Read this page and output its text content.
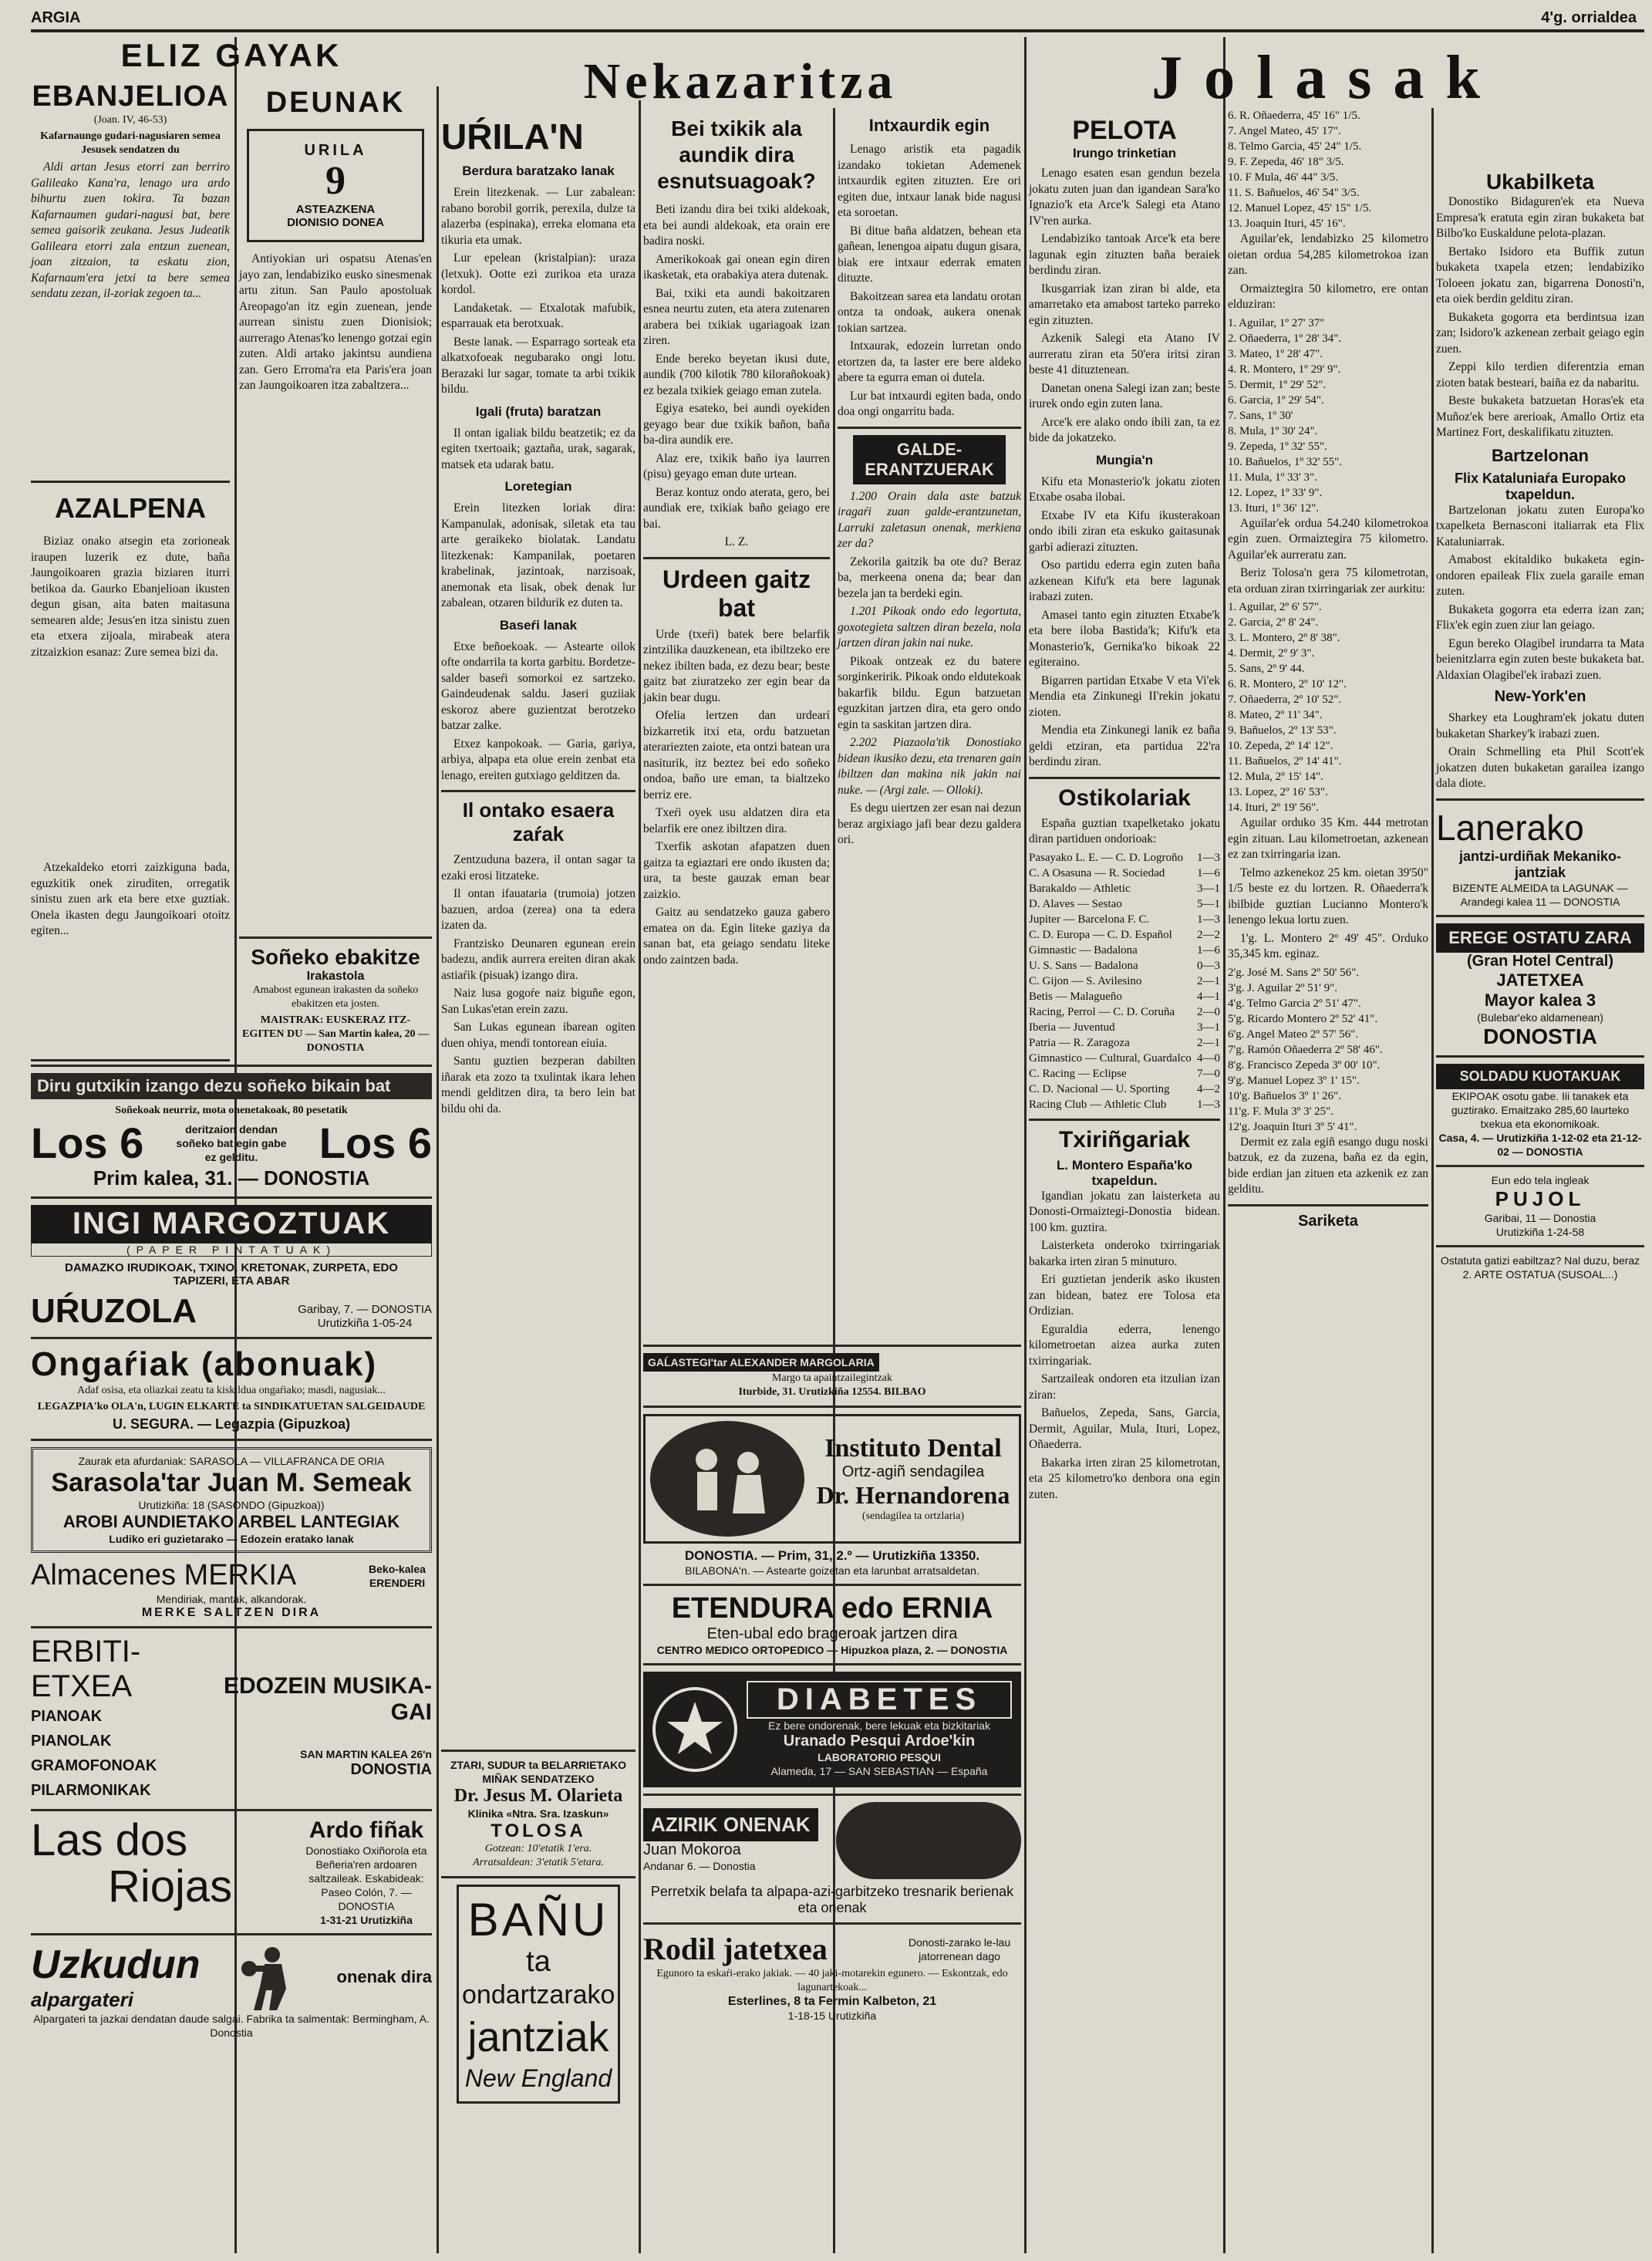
ARGIA	4'g. orrialdea
ELIZ GAYAK
EBANJELIOA
(Joan. IV, 46-53)
Kafarnaungo gudari-nagusiaren semea Jesusek sendatzen du
Aldi artan Jesus etorri zan berriro Galileako Kana'ra, lenago ura ardo bihurtu zuen tokira. Ta bazan Kafarnaumen gudari-nagusi bat, bere semea gaisorik zeukana. Jesus Judeatik Galileara etorri zala entzun zuenean, joan zitzaion, ta eskatu zion, Kafarnaum'era jetxi ta bere semea sendatu zezan, il-zoriak zegoen ta...
AZALPENA
Biziaz onako atsegin eta zorioneak iraupen luzerik ez dute, baña Jaungoikoaren grazia biziaren iturri betikoa da. Gaurko Ebanjelioan ikusten degun gisan, aita baten maitasuna semearen alde; Jesus'en itza sinistu zuen eta etxera zijoala, mirabeak atera zitzaizkion esanaz: Zure semea bizi da.
Atzekaldeko etorri zaizkiguna bada, eguzkitik onek ziruditen, orregatik sinistu zuen ark eta bere etxe guztiak. Onela ikasten degu Jaungoikoari otoitz egiten...
DEUNAK
URILA
9
ASTEAZKENA
DIONISIO DONEA
Antiyokian uri ospatsu Atenas'en jayo zan, lendabiziko eusko sinesmenak artu zitun. San Paulo apostoluak Areopago'an itz egin zuenean, jende aurrean sinistu zuen Dionisiok; aurrerago Atenas'ko lenengo gotzai egin zuten. Aldi artako jakintsu aundiena zan. Gero Erroma'ra eta Paris'era joan zan Jaungoikoaren itza zabaltzera...
Soñeko ebakitze
Irakastola
Amabost egunean irakasten da soñeko ebakitzen eta josten.
MAISTRAK: EUSKERAZ ITZ-EGITEN DU — San Martin kalea, 20 — DONOSTIA
Diru gutxikin izango dezu soñeko bikain bat
Soñekoak neurriz, mota onenetakoak, 80 pesetatik
Los 6	deritzaion dendan soñeko bat egin gabe ez gelditu.	Los 6
Prim kalea, 31. — DONOSTIA
INGI MARGOZTUAK
(PAPER PINTATUAK)
DAMAZKO IRUDIKOAK, TXINO, KRETONAK, ZURPETA, EDO TAPIZERI, ETA ABAR
UŔUZOLA	Garibay, 7. — DONOSTIA
Urutizkiña 1-05-24
Ongaŕiak (abonuak)
Adaf osisa, eta oliazkai zeatu ta kiskildua ongaŕiako; masdi, nagusiak...
LEGAZPIA'ko OLA'n, LUGIN ELKARTE ta SINDIKATUETAN SALGEIDAUDE
U. SEGURA. — Legazpia (Gipuzkoa)
Zaurak eta afurdaniak: SARASOLA — VILLAFRANCA DE ORIA
Sarasola'tar Juan M. Semeak
Urutizkiña: 18 (SASONDO (Gipuzkoa))
AROBI AUNDIETAKO ARBEL LANTEGIAK
Ludiko eri guzietarako — Edozein eratako lanak
Almacenes MERKIA	Beko-kalea ERENDERI
Mendiriak, mantak, alkandorak.
MERKE SALTZEN DIRA
ERBITI-ETXEA
PIANOAK
PIANOLAK
GRAMOFONOAK
PILARMONIKAK
EDOZEIN MUSIKA-GAI
SAN MARTIN KALEA 26'n
DONOSTIA
Las dos
Riojas
Ardo fiñak
Donostiako Oxiñorola eta Beñeria'ren ardoaren saltzaileak. Eskabideak: Paseo Colón, 7. — DONOSTIA
1-31-21 Urutizkiña
Uzkudun
alpargateri
onenak dira
Alpargateri ta jazkai dendatan daude salgai. Fabrika ta salmentak: Bermingham, A. Donostia
Nekazaritza
UŔILA'N
Berdura baratzako lanak
Erein litezkenak. — Lur zabalean: rabano borobil gorrik, perexila, dulze ta alazerba (espinaka), erreka elomana eta tikuria eta umak.
Lur epelean (kristalpian): uraza (letxuk). Ootte ezi zurikoa eta uraza kordol.
Landaketak. — Etxalotak mafubik, esparrauak eta berotxuak.
Beste lanak. — Esparrago sorteak eta alkatxofoeak negubarako ongi lotu. Berazaki lur sagar, tomate ta arbi txikik bildu.
Igali (fruta) baratzan
Il ontan igaliak bildu beatzetik; ez da egiten txertoaik; gaztaña, urak, sagarak, matsek eta udarak batu.
Loretegian
Erein litezken loriak dira: Kampanulak, adonisak, siletak eta tau arte geraikeko biolatak. Landatu litezkenak: Kampanilak, poetaren krabelinak, jazintoak, narzisoak, anemonak eta lisak, obek denak lur zabalean, otzaren bildurik ez duten ta.
Baseŕi lanak
Etxe beñoekoak. — Astearte oilok ofte ondarrila ta korta garbitu. Bordetze-salder baseŕi somorkoi ez sartzeko. Gaindeudenak saldu. Jaseri guziiak eskoroz abere guzientzat berotzeko batzar zalke.
Etxez kanpokoak. — Garia, gariya, arbiya, alpapa eta olue erein zenbat eta lenago, ereiten gutxiago gelditzen da.
Il ontako esaera zaŕak
Zentzuduna bazera, il ontan sagar ta ezaki erosi litzateke.
Il ontan ifauataria (trumoia) jotzen bazuen, ardoa (zerea) ona ta edera izaten da.
Frantzisko Deunaren egunean erein badezu, andik aurrera ereiten diran akak astiaŕik (pisuak) izango dira.
Naiz lusa gogoŕe naiz biguñe egon, San Lukas'etan erein zazu.
San Lukas egunean ibarean ogiten duen ohiya, mendi tontorean eiuia.
Santu guztien bezperan dabilten iñarak eta zozo ta txulintak ikara lehen mendi gelditzen dira, ta bero lein bat bildu ohi da.
ZTARI, SUDUR ta BELARRIETAKO MIÑAK SENDATZEKO
Dr. Jesus M. Olarieta
Klinika «Ntra. Sra. Izaskun»
TOLOSA
Gotzean: 10'etatik 1'era.
Arratsaldean: 3'etatik 5'etara.
BAÑU
ta
ondartzarako
jantziak
New England
Bei txikik ala aundik dira esnutsuagoak?
Beti izandu dira bei txiki aldekoak, eta bei aundi aldekoak, eta orain ere badira noski.
Amerikokoak gai onean egin diren ikasketak, eta orabakiya atera dutenak.
Bai, txiki eta aundi bakoitzaren esnea neurtu zuten, eta atera zutenaren arabera bei txikiak ugariagoak izan ziren.
Ende bereko beyetan ikusi dute, aundik (700 kilotik 780 kilorañokoak) ez bezala txikiek geiago eman zutela.
Egiya esateko, bei aundi oyekiden geyago bear due txikik bañon, baña ba-dira aundik ere.
Alaz ere, txikik baño iya laurren (pisu) geyago eman dute urtean.
Beraz kontuz ondo aterata, gero, bei aundiak ere, txikiak baño geiago ere bai.
L. Z.
Urdeen gaitz bat
Urde (txeŕi) batek bere belarfik zintzilika dauzkenean, eta ibiltzeko ere nekez ibilten bada, ez dezu bear; beste gaitz bat ziuratzeko zer egin bear da jakin bear dugu.
Ofelia lertzen dan urdearí bizkarretik itxi eta, ordu batzuetan aterariezten zaiote, eta ontzi batean ura nasiturik, itz beztez bei edo soñeko ondoa, baño ure eman, ta bialtzeko berriz ere.
Txeŕi oyek usu aldatzen dira eta belarfik ere onez ibiltzen dira.
Txerfik askotan afapatzen duen gaitza ta egiaztari ere ondo ikusten da; ura, ta beste gauzak eman bear zaizkio.
Gaitz au sendatzeko gauza gabero ematea on da. Egin liteke gaziya da sanan bat, eta geiago sendatu liteke ondo zaintzen bada.
Intxaurdik egin
Lenago aristik eta pagadik izandako tokietan Ademenek intxaurdik egiten zituzten. Ere ori egiten due, intxaur lanak bide nagusi eta soroetan.
Bi ditue baña aldatzen, behean eta gañean, lenengoa aipatu dugun gisara, biak ere intxaur ederrak ematen dituzte.
Bakoitzean sarea eta landatu orotan ontza ta ondoak, aukera onenak tokian sartzea.
Intxaurak, edozein lurretan ondo etortzen da, ta laster ere bere aldeko abere ta egurra eman oi dutela.
Lur bat intxaurdi egiten bada, ondo doa ongi ongarritu bada.
GALDE-ERANTZUERAK
1.200 Orain dala aste batzuk iragaŕi zuan galde-erantzunetan, Larruki zaletasun onenak, merkiena zer da?
Zekorila gaitzik ba ote du? Beraz ba, merkeena onena da; bear dan bezela jan ta berdeki egin.
1.201 Pikoak ondo edo legortuta, goxotegieta saltzen diran bezela, nola jartzen diran jakin nai nuke.
Pikoak ontzeak ez du batere sorginkeririk. Pikoak ondo eldutekoak bakarfik bildu. Egun batzuetan eguzkitan jartzen dira, eta gero ondo egin ta saskitan jartzen dira.
2.202 Piazaola'tik Donostiako bidean ikusiko dezu, eta trenaren gain ibiltzen dan makina nik jakin nai nuke. — (Argi zale. — Olloki).
Es degu uiertzen zer esan nai dezun beraz argixiago jafi bear dezu galdera ori.
GAĹASTEGI'tar ALEXANDER MARGOLARIA
Margo ta apaintzailegintzak
Iturbide, 31. Urutizkiña 12554. BILBAO
Instituto Dental
Ortz-agiñ sendagilea
Dr. Hernandorena
(sendagilea ta ortzlaria)
DONOSTIA. — Prim, 31, 2.º — Urutizkiña 13350.
BILABONA'n. — Astearte goizetan eta larunbat arratsaldetan.
ETENDURA edo ERNIA
Eten-ubal edo brageroak jartzen dira
CENTRO MEDICO ORTOPEDICO — Hipuzkoa plaza, 2. — DONOSTIA
DIABETES
Ez bere ondorenak, bere lekuak eta bizkitariak
Uranado Pesqui Ardoe'kin
LABORATORIO PESQUI
Alameda, 17 — SAN SEBASTIAN — España
AZIRIK ONENAK
Juan Mokoroa
Andanar 6. — Donostia
Perretxik belafa ta alpapa-azi-garbitzeko tresnarik berienak eta onenak
Rodil jatetxea	Donosti-zarako le-lau jatorrenean dago
Egunoro ta eskaŕi-erako jakiak. — 40 jaki-motarekin egunero. — Eskontzak, edo lagunartekoak...
Esterlines, 8 ta Fermin Kalbeton, 21
1-18-15 Urutizkiña
Jolasak
PELOTA
Irungo trinketian
Lenago esaten esan gendun bezela jokatu zuten juan dan igandean Sara'ko Ignazio'k eta Arce'k Salegi eta Atano IV'ren aurka.
Lendabiziko tantoak Arce'k eta bere lagunak egin zituzten baña beraiek berdindu ziran.
Ikusgarriak izan ziran bi alde, eta amarretako eta amabost tarteko parreko egin zituzten.
Azkenik Salegi eta Atano IV aurreratu ziran eta 50'era iritsi ziran beste 41 dituztenean.
Danetan onena Salegi izan zan; beste irurek ondo egin zuten lana.
Arce'k ere alako ondo ibili zan, ta ez bide da jokatzeko.
Mungia'n
Kifu eta Monasterio'k jokatu zioten Etxabe osaba ilobai.
Etxabe IV eta Kifu ikusterakoan ondo ibili ziran eta eskuko gaitasunak garbi adierazi zituzten.
Oso partidu ederra egin zuten baña azkenean Kifu'k eta bere lagunak irabazi zuten.
Amasei tanto egin zituzten Etxabe'k eta bere iloba Bastida'k; Kifu'k eta Monasterio'k, Gernika'ko bikoak 22 egiteraino.
Bigarren partidan Etxabe V eta Vi'ek Mendia eta Zinkunegi II'rekin jokatu zioten.
Mendia eta Zinkunegi lanik ez baña geldi etziran, eta partidua 22'ra berdindu ziran.
Ostikolariak
España guztian txapelketako jokatu diran partiduen ondorioak:
Pasayako L. E. — C. D. Logroño	1—3
C. A Osasuna — R. Sociedad	1—6
Barakaldo — Athletic	3—1
D. Alaves — Sestao	5—1
Jupiter — Barcelona F. C.	1—3
C. D. Europa — C. D. Español	2—2
Gimnastic — Badalona	1—6
U. S. Sans — Badalona	0—3
C. Gijon — S. Avilesino	2—1
Betis — Malagueño	4—1
Racing, Perrol — C. D. Coruña	2—0
Iberia — Juventud	3—1
Patria — R. Zaragoza	2—1
Gimnastico — Cultural, Guardalco 4—0
C. Racing — Eclipse	7—0
C. D. Nacional — U. Sporting	4—2
Racing Club — Athletic Club	1—3
Txiriñgariak
L. Montero España'ko txapeldun.
Igandian jokatu zan laisterketa au Donosti-Ormaiztegi-Donostia bidean. 100 km. guztira.
Laisterketa onderoko txirringariak bakarka irten ziran 5 minuturo.
Eri guztietan jenderik asko ikusten zan bidean, batez ere Tolosa eta Ordizian.
Eguraldia ederra, lenengo kilometroetan aizea aurka zuten txirringariak.
Sartzaileak ondoren eta itzulian izan ziran:
Bañuelos, Zepeda, Sans, Garcia, Dermit, Aguilar, Mula, Ituri, Lopez, Oñaederra.
Bakarka irten ziran 25 kilometrotan, eta 25 kilometro'ko denbora ona egin zuten.
6. R. Oñaederra, 45' 16" 1/5.
7. Angel Mateo, 45' 17".
8. Telmo Garcia, 45' 24" 1/5.
9. F. Zepeda, 46' 18" 3/5.
10. F Mula, 46' 44" 3/5.
11. S. Bañuelos, 46' 54" 3/5.
12. Manuel Lopez, 45' 15" 1/5.
13. Joaquin Ituri, 45' 16".
Aguilar'ek, lendabizko 25 kilometro oietan ordua 54,285 kilometrokoa izan zan.
Ormaiztegira 50 kilometro, ere ontan elduziran:
1. Aguilar, 1º 27' 37"
2. Oñaederra, 1º 28' 34".
3. Mateo, 1º 28' 47".
4. R. Montero, 1º 29' 9".
5. Dermit, 1º 29' 52".
6. Garcia, 1º 29' 54".
7. Sans, 1º 30'
8. Mula, 1º 30' 24".
9. Zepeda, 1º 32' 55".
10. Bañuelos, 1º 32' 55".
11. Mula, 1º 33' 3".
12. Lopez, 1º 33' 9".
13. Ituri, 1º 36' 12".
Aguilar'ek ordua 54.240 kilometrokoa egin zuen. Ormaiztegira 75 kilometro. Aguilar'ek aurreratu zan.
Beriz Tolosa'n gera 75 kilometrotan, eta orduan ziran txirringariak zer aurkitu:
1. Aguilar, 2º 6' 57".
2. Garcia, 2º 8' 24".
3. L. Montero, 2º 8' 38".
4. Dermit, 2º 9' 3".
5. Sans, 2º 9' 44.
6. R. Montero, 2º 10' 12".
7. Oñaederra, 2º 10' 52".
8. Mateo, 2º 11' 34".
9. Bañuelos, 2º 13' 53".
10. Zepeda, 2º 14' 12".
11. Bañuelos, 2º 14' 41".
12. Mula, 2º 15' 14".
13. Lopez, 2º 16' 53".
14. Ituri, 2º 19' 56".
Aguilar orduko 35 Km. 444 metrotan egin zituan. Lau kilometroetan, azkenean ez zan txirringaria izan.
Telmo azkenekoz 25 km. oietan 39'50" 1/5 beste ez du lortzen. R. Oñaederra'k ibilbide guztian Lucianno Montero'k lenengo lekua lortu zuen.
1'g. L. Montero 2º 49' 45". Orduko 35,345 km. eginaz.
2'g. José M. Sans 2º 50' 56".
3'g. J. Aguilar 2º 51' 9".
4'g. Telmo Garcia 2º 51' 47".
5'g. Ricardo Montero 2º 52' 41".
6'g. Angel Mateo 2º 57' 56".
7'g. Ramón Oñaederra 2º 58' 46".
8'g. Francisco Zepeda 3º 00' 10".
9'g. Manuel Lopez 3º 1' 15".
10'g. Bañuelos 3º 1' 26".
11'g. F. Mula 3º 3' 25".
12'g. Joaquin Ituri 3º 5' 41".
Dermit ez zala egiñ esango dugu noski batzuk, ez da zuzena, baña ez da egin, bide erdian jan zituen eta azkenik ez zan gelditu.
Sariketa
Ukabilketa
Donostiko Bidaguren'ek eta Nueva Empresa'k eratuta egin ziran bukaketa bat Bilbo'ko Euskaldune pelota-plazan.
Bertako Isidoro eta Buffik zutun bukaketa txapela etzen; lendabiziko Toloeen jokatu zan, bigarrena Donosti'n, eta oiek berdin gelditu ziran.
Bukaketa gogorra eta berdintsua izan zan; Isidoro'k azkenean zerbait geiago egin zuen.
Zeppi kilo terdien diferentzia eman zioten batak besteari, baiña ez da nabaritu.
Beste bukaketa batzuetan Horas'ek eta Muñoz'ek bere arerioak, Amallo Ortiz eta Martinez Fort, deskalifikatu zituzten.
Bartzelonan
Flix Kataluniaŕa Europako txapeldun.
Bartzelonan jokatu zuten Europa'ko txapelketa Bernasconi italiarrak eta Flix Kataluniarrak.
Amabost ekitaldiko bukaketa egin-ondoren epaileak Flix zuela garaile eman zuten.
Bukaketa gogorra eta ederra izan zan; Flix'ek egin zuen ziur lan geiago.
Egun bereko Olagibel irundarra ta Mata beienitzlarra egin zuten beste bukaketa bat. Aldaxian Olagibel'ek irabazi zuen.
New-York'en
Sharkey eta Loughram'ek jokatu duten bukaketan Sharkey'k irabazi zuen.
Orain Schmelling eta Phil Scott'ek jokatzen duten bukaketan garailea izango dala diote.
Lanerako
jantzi-urdiñak Mekaniko-jantziak
BIZENTE ALMEIDA ta LAGUNAK — Arandegi kalea 11 — DONOSTIA
EREGE OSTATU ZARA
(Gran Hotel Central)
JATETXEA
Mayor kalea 3
(Bulebar'eko aldamenean)
DONOSTIA
SOLDADU KUOTAKUAK
EKIPOAK osotu gabe. Iii tanakek eta guztirako. Emaitzako 285,60 laurteko txekua eta ekonomikoak.
Casa, 4. — Urutizkiña 1-12-02 eta 21-12-02 — DONOSTIA
Eun edo tela ingleak
PUJOL
Garibai, 11 — Donostia
Urutizkiña 1-24-58
Ostatuta gatizi eabiltzaz? Nal duzu, beraz 2. ARTE OSTATUA (SUSOAL...)
